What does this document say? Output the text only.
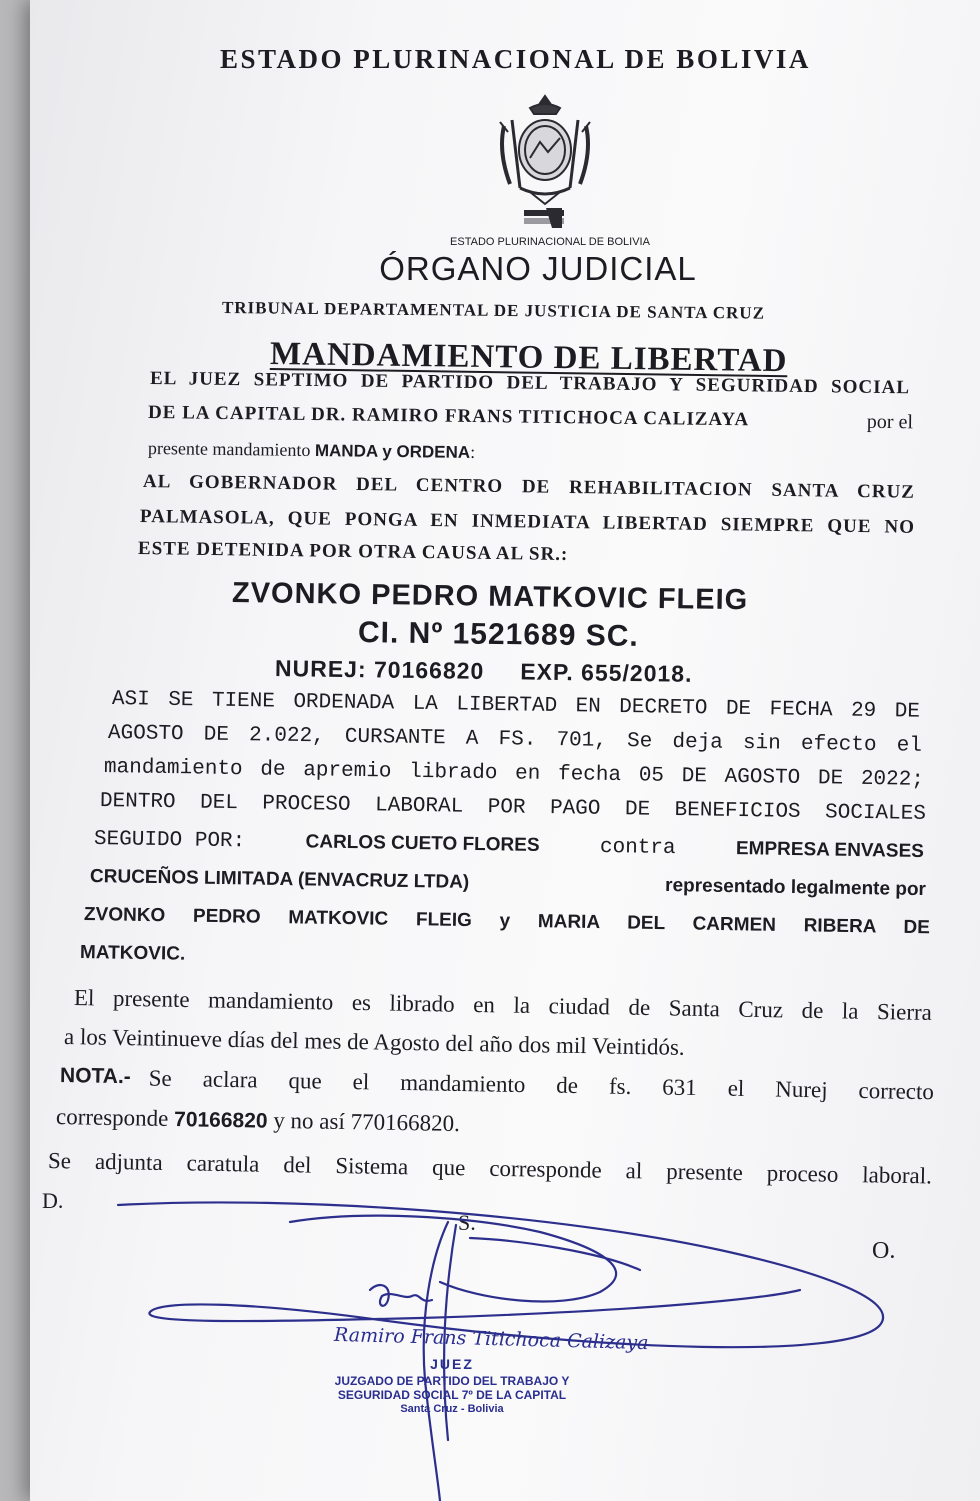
ESTADO PLURINACIONAL DE BOLIVIA
ESTADO PLURINACIONAL DE BOLIVIA
ÓRGANO JUDICIAL
TRIBUNAL DEPARTAMENTAL DE JUSTICIA DE SANTA CRUZ
MANDAMIENTO DE LIBERTAD
EL JUEZ SEPTIMO DE PARTIDO DEL TRABAJO Y SEGURIDAD SOCIAL
DE LA CAPITAL DR. RAMIRO FRANS TITICHOCA CALIZAYA	por el
presente mandamiento MANDA y ORDENA:
AL GOBERNADOR DEL CENTRO DE REHABILITACION SANTA CRUZ
PALMASOLA, QUE PONGA EN INMEDIATA LIBERTAD SIEMPRE QUE NO
ESTE DETENIDA POR OTRA CAUSA AL SR.:
ZVONKO PEDRO MATKOVIC FLEIG
CI. Nº 1521689 SC.
NUREJ: 70166820 EXP. 655/2018.
ASI SE TIENE ORDENADA LA LIBERTAD EN DECRETO DE FECHA 29 DE
AGOSTO DE 2.022, CURSANTE A FS. 701, Se deja sin efecto el
mandamiento de apremio librado en fecha 05 DE AGOSTO DE 2022;
DENTRO DEL PROCESO LABORAL POR PAGO DE BENEFICIOS SOCIALES
SEGUIDO POR:	CARLOS CUETO FLORES	contra	EMPRESA ENVASES
CRUCEÑOS LIMITADA (ENVACRUZ LTDA)	representado legalmente por
ZVONKO PEDRO MATKOVIC FLEIG y MARIA DEL CARMEN RIBERA DE
MATKOVIC.
El presente mandamiento es librado en la ciudad de Santa Cruz de la Sierra
a los Veintinueve días del mes de Agosto del año dos mil Veintidós.
NOTA.- Se aclara que el mandamiento de fs. 631 el Nurej correcto
corresponde 70166820 y no así 770166820.
Se adjunta caratula del Sistema que corresponde al presente proceso laboral.
D.
S.
O.
Ramiro Frans Titichoca Calizaya
JUEZ
JUZGADO DE PARTIDO DEL TRABAJO Y
SEGURIDAD SOCIAL 7º DE LA CAPITAL
Santa Cruz - Bolivia
